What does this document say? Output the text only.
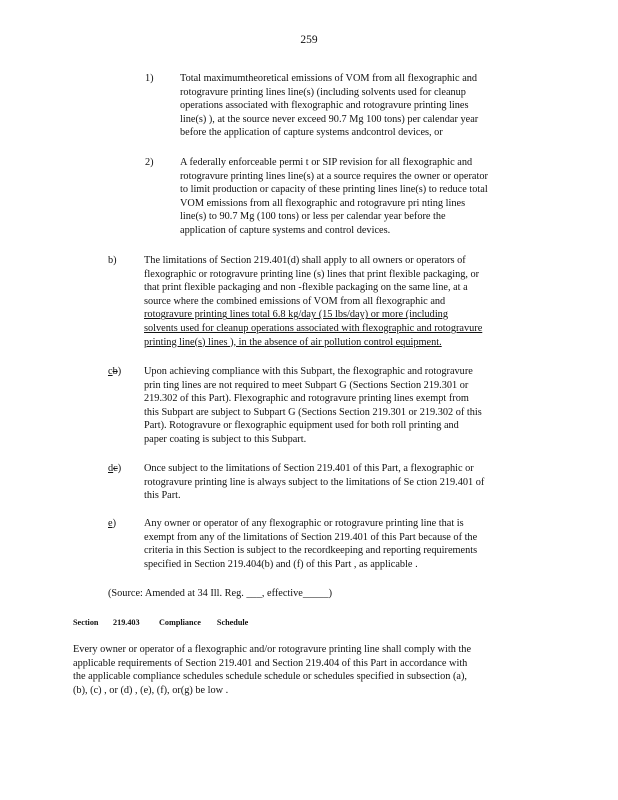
259
1)	Total maximumtheoretical emissions of VOM from all flexographic and
rotogravure printing lines line(s) (including solvents used for cleanup
operations associated with flexographic and rotogravure printing lines
line(s) ), at the source never exceed 90.7 Mg 100 tons) per calendar year
before the application of capture systems andcontrol devices, or
2)	A federally enforceable permi t or SIP revision for all flexographic and
rotogravure printing lines line(s) at a source requires the owner or operator
to limit production or capacity of these printing lines line(s) to reduce total
VOM emissions from all flexographic and rotogravure pri nting lines
line(s) to 90.7 Mg (100 tons) or less per calendar year before the
application of capture systems and control devices.
b)	The limitations of Section 219.401(d) shall apply to all owners or operators of
flexographic or rotogravure printing line (s) lines that print flexible packaging, or
that print flexible packaging and non -flexible packaging on the same line, at a
source where the combined emissions of VOM from all flexographic and
rotogravure printing lines total 6.8 kg/day (15 lbs/day) or more (including
solvents used for cleanup operations associated with flexographic and rotogravure
printing line(s) lines ), in the absence of air pollution control equipment.
cb) Upon achieving compliance with this Subpart, the flexographic and rotogravure
prin ting lines are not required to meet Subpart G (Sections Section 219.301 or
219.302 of this Part). Flexographic and rotogravure printing lines exempt from
this Subpart are subject to Subpart G (Sections Section 219.301 or 219.302 of this
Part). Rotogravure or flexographic equipment used for both roll printing and
paper coating is subject to this Subpart.
dc) Once subject to the limitations of Section 219.401 of this Part, a flexographic or
rotogravure printing line is always subject to the limitations of Se ction 219.401 of
this Part.
e)	Any owner or operator of any flexographic or rotogravure printing line that is
exempt from any of the limitations of Section 219.401 of this Part because of the
criteria in this Section is subject to the recordkeeping and reporting requirements
specified in Section 219.404(b) and (f) of this Part , as applicable .
(Source: Amended at 34 Ill. Reg. ___, effective_____)
Section 219.403 Compliance Schedule
Every owner or operator of a flexographic and/or rotogravure printing line shall comply with the
applicable requirements of Section 219.401 and Section 219.404 of this Part in accordance with
the applicable compliance schedules schedule schedule or schedules specified in subsection (a),
(b), (c) , or (d) , (e), (f), or(g) be low .
